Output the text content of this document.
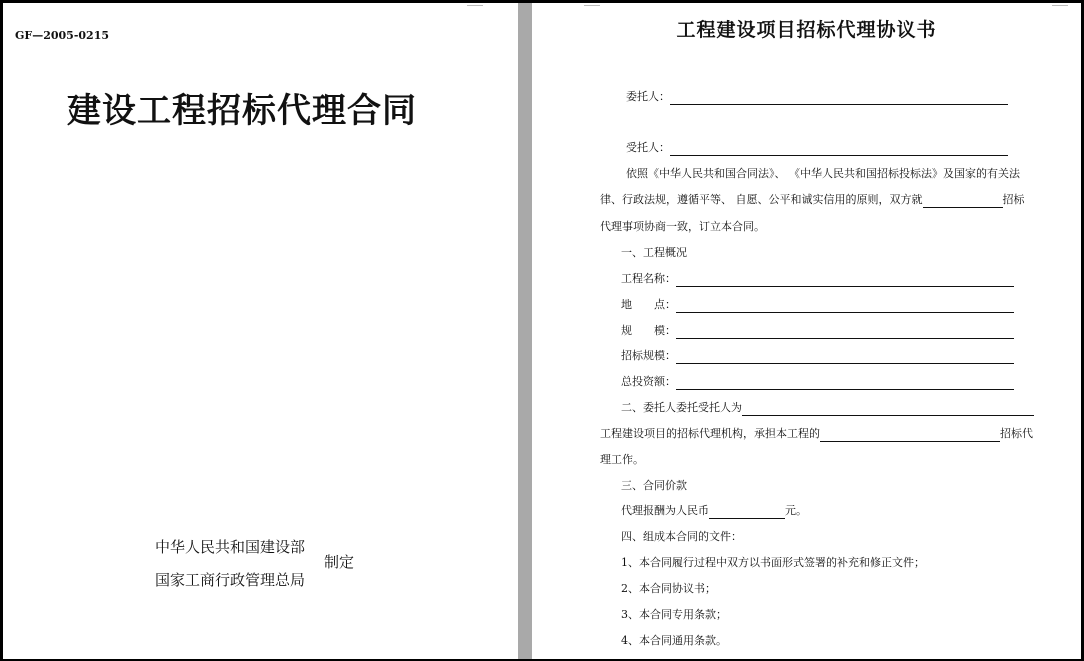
GF—2005-0215
建设工程招标代理合同
中华人民共和国建设部
国家工商行政管理总局
制定
工程建设项目招标代理协议书
委托人：
受托人：
依照《中华人民共和国合同法》、 《中华人民共和国招标投标法》及国家的有关法
律、行政法规，遵循平等、 自愿、公平和诚实信用的原则，双方就	招标
代理事项协商一致，订立本合同。
一、工程概况
工程名称：
地　　点：
规　　模：
招标规模：
总投资额：
二、委托人委托受托人为
工程建设项目的招标代理机构，承担本工程的	招标代
理工作。
三、合同价款
代理报酬为人民币	元。
四、组成本合同的文件：
1、本合同履行过程中双方以书面形式签署的补充和修正文件；
2、本合同协议书；
3、本合同专用条款；
4、本合同通用条款。
